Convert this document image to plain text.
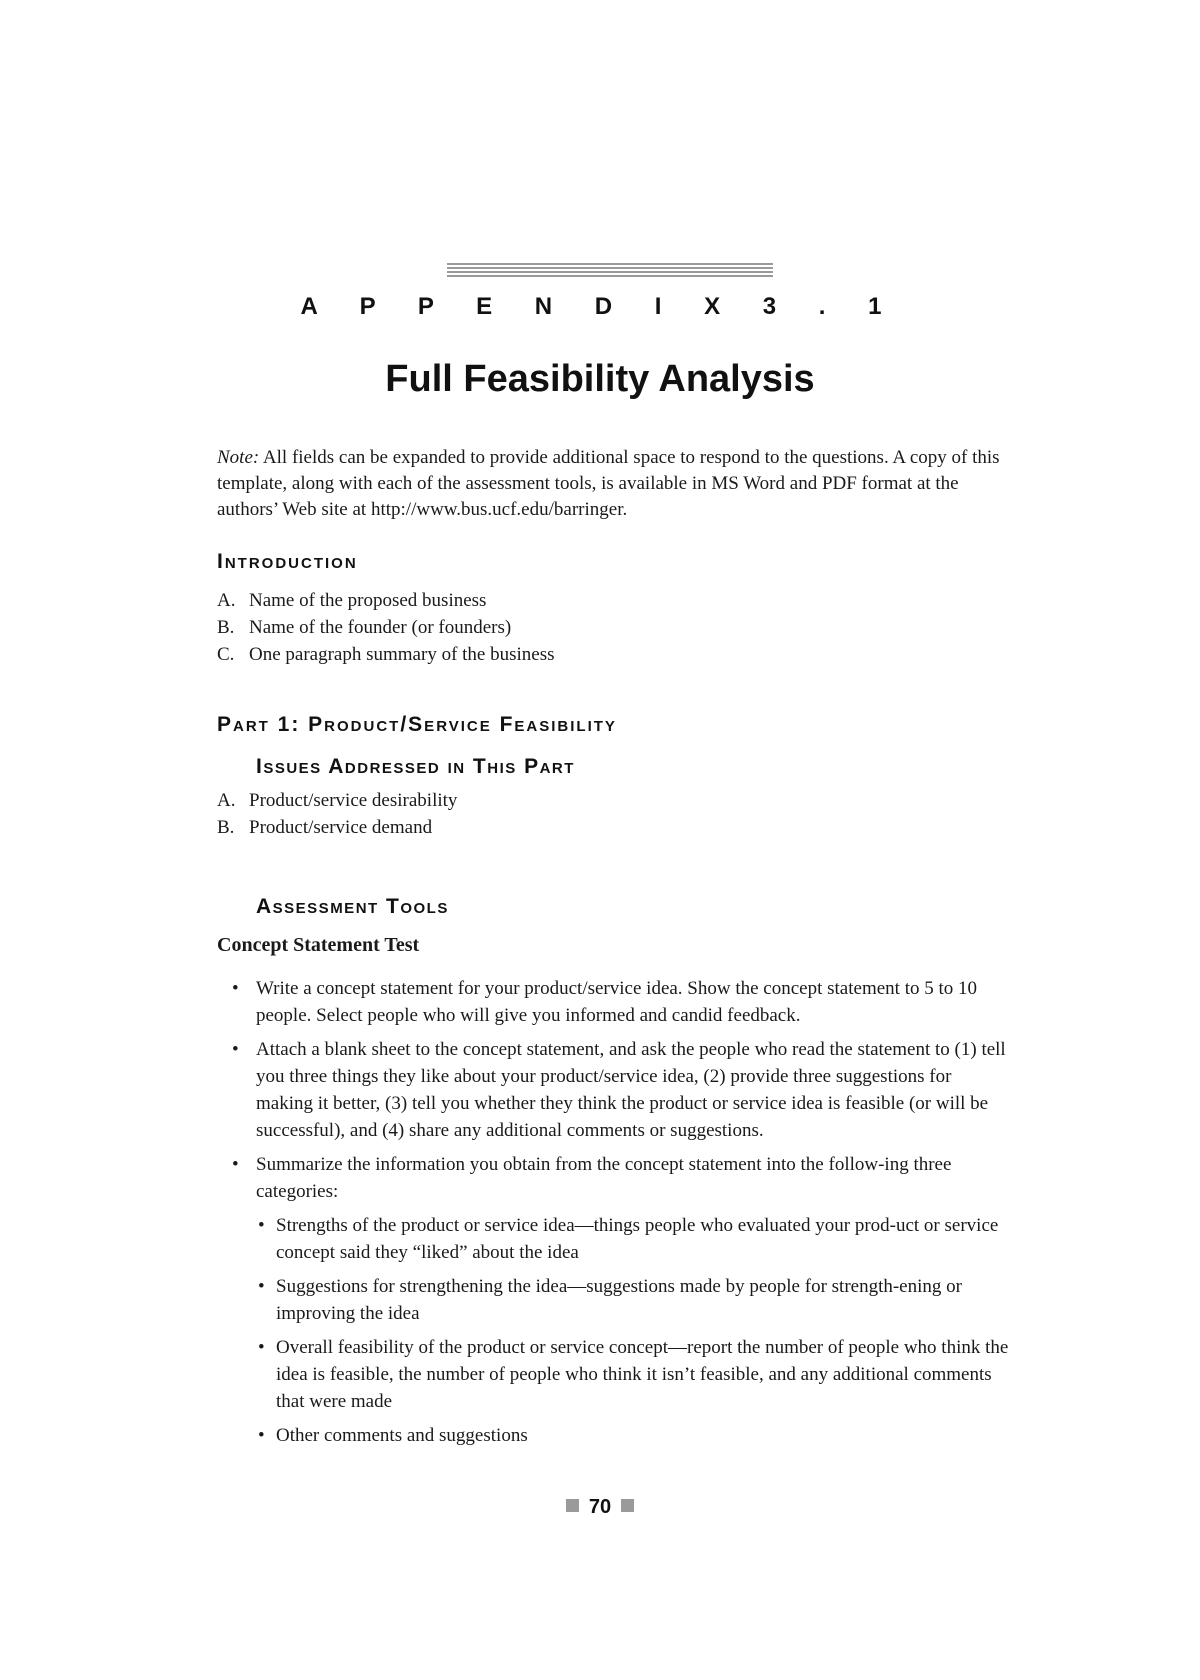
A P P E N D I X 3 . 1
Full Feasibility Analysis
Note: All fields can be expanded to provide additional space to respond to the questions. A copy of this template, along with each of the assessment tools, is available in MS Word and PDF format at the authors’ Web site at http://www.bus.ucf.edu/barringer.
Introduction
A. Name of the proposed business
B. Name of the founder (or founders)
C. One paragraph summary of the business
Part 1: Product/Service Feasibility
Issues Addressed in This Part
A. Product/service desirability
B. Product/service demand
Assessment Tools
Concept Statement Test
• Write a concept statement for your product/service idea. Show the concept statement to 5 to 10 people. Select people who will give you informed and candid feedback.
• Attach a blank sheet to the concept statement, and ask the people who read the statement to (1) tell you three things they like about your product/service idea, (2) provide three suggestions for making it better, (3) tell you whether they think the product or service idea is feasible (or will be successful), and (4) share any additional comments or suggestions.
• Summarize the information you obtain from the concept statement into the follow-ing three categories:
• Strengths of the product or service idea—things people who evaluated your prod-uct or service concept said they “liked” about the idea
• Suggestions for strengthening the idea—suggestions made by people for strength-ening or improving the idea
• Overall feasibility of the product or service concept—report the number of people who think the idea is feasible, the number of people who think it isn’t feasible, and any additional comments that were made
• Other comments and suggestions
70
